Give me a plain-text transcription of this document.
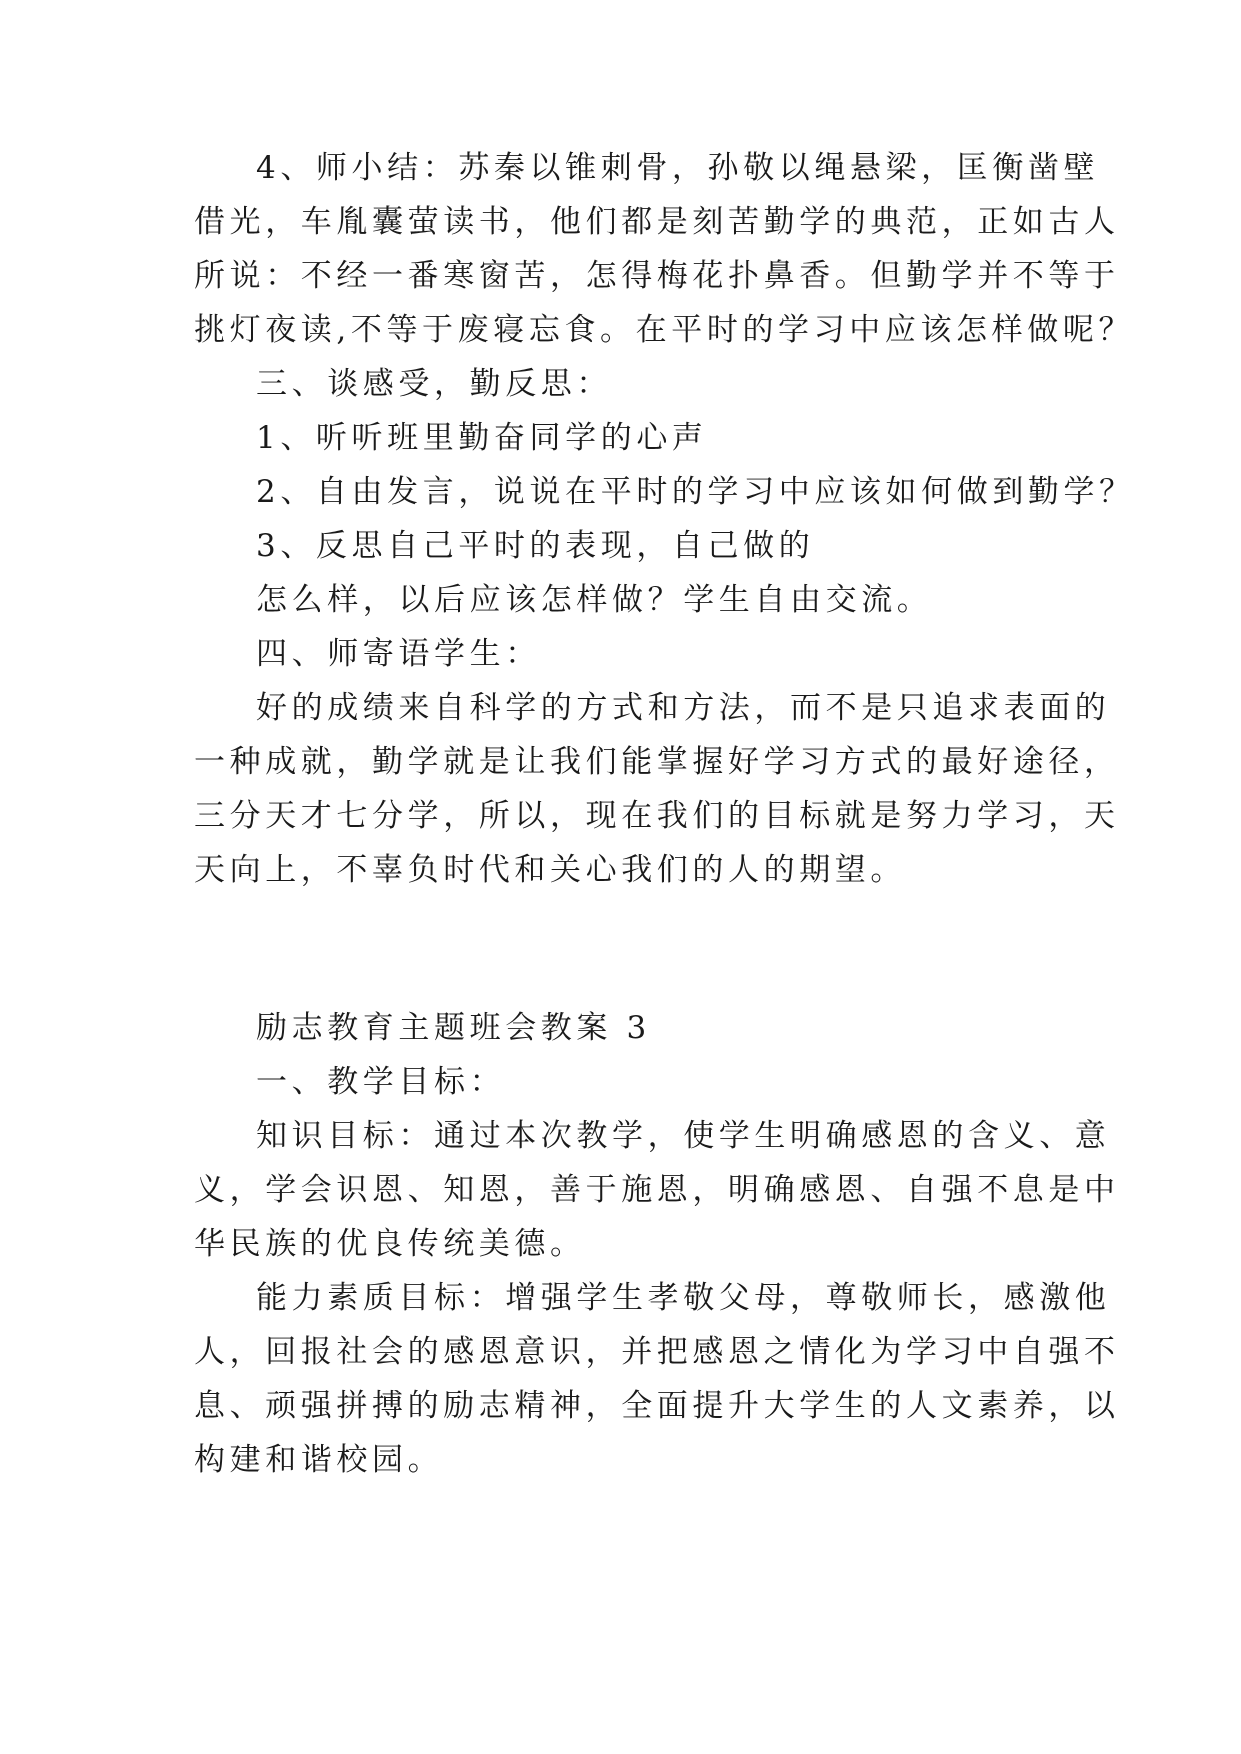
4、师小结：苏秦以锥刺骨，孙敬以绳悬梁，匡衡凿壁
借光，车胤囊萤读书，他们都是刻苦勤学的典范，正如古人
所说：不经一番寒窗苦，怎得梅花扑鼻香。但勤学并不等于
挑灯夜读,不等于废寝忘食。在平时的学习中应该怎样做呢？
三、谈感受，勤反思：
1、听听班里勤奋同学的心声
2、自由发言，说说在平时的学习中应该如何做到勤学？
3、反思自己平时的表现，自己做的
怎么样，以后应该怎样做？学生自由交流。
四、师寄语学生：
好的成绩来自科学的方式和方法，而不是只追求表面的
一种成就，勤学就是让我们能掌握好学习方式的最好途径，
三分天才七分学，所以，现在我们的目标就是努力学习，天
天向上，不辜负时代和关心我们的人的期望。
励志教育主题班会教案 3
一、教学目标：
知识目标：通过本次教学，使学生明确感恩的含义、意
义，学会识恩、知恩，善于施恩，明确感恩、自强不息是中
华民族的优良传统美德。
能力素质目标：增强学生孝敬父母，尊敬师长，感激他
人，回报社会的感恩意识，并把感恩之情化为学习中自强不
息、顽强拼搏的励志精神，全面提升大学生的人文素养，以
构建和谐校园。
